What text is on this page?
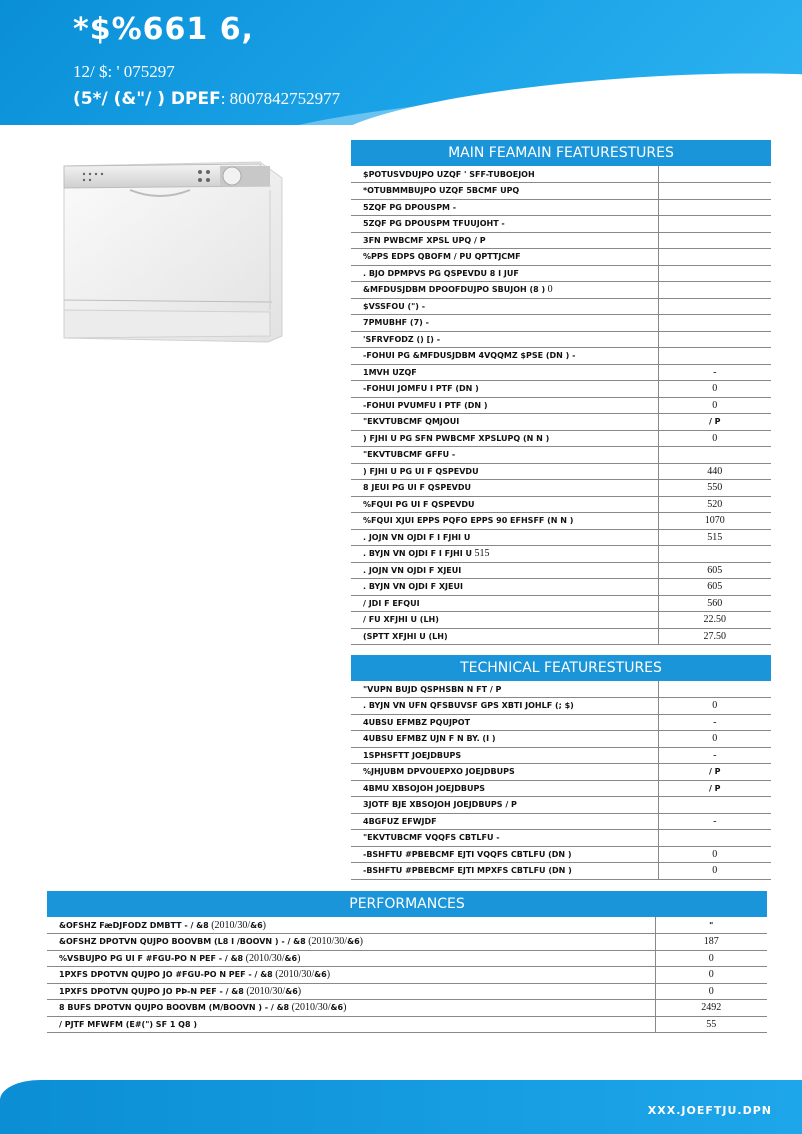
*$%661 6,
12/ $: ' 075297
(5*/ (&"/ ) DPEF: 8007842752977
MAIN FEAMAIN FEATURESTURES
$POTUSVDUJPO UZQF ' SFF-TUBOEJOH	
*OTUBMMBUJPO UZQF 5BCMF UPQ	
5ZQF PG DPOUSPM -	
5ZQF PG DPOUSPM TFUUJOHT -	
3FN PWBCMF XPSL UPQ / P	
%PPS EDPS QBOFM / PU QPTTJCMF	
. BJO DPMPVS PG QSPEVDU 8 I JUF	
&MFDUSJDBM DPOOFDUJPO SBUJOH (8 ) 0	
$VSSFOU (") -	
7PMUBHF (7) -	
'SFRVFODZ () [) -	
-FOHUI PG &MFDUSJDBM 4VQQMZ $PSE (DN ) -	
1MVH UZQF	-
-FOHUI JOMFU I PTF (DN )	0
-FOHUI PVUMFU I PTF (DN )	0
"EKVTUBCMF QMJOUI	/ P
) FJHI U PG SFN PWBCMF XPSLUPQ (N N )	0
"EKVTUBCMF GFFU -	
) FJHI U PG UI F QSPEVDU	440
8 JEUI PG UI F QSPEVDU	550
%FQUI PG UI F QSPEVDU	520
%FQUI XJUI EPPS PQFO EPPS 90 EFHSFF (N N )	1070
. JOJN VN OJDI F I FJHI U	515
. BYJN VN OJDI F I FJHI U 515	
. JOJN VN OJDI F XJEUI	605
. BYJN VN OJDI F XJEUI	605
/ JDI F EFQUI	560
/ FU XFJHI U (LH)	22.50
(SPTT XFJHI U (LH)	27.50
TECHNICAL FEATURESTURES
"VUPN BUJD QSPHSBN N FT / P	
. BYJN VN UFN QFSBUVSF GPS XBTI JOHLF (; $)	0
4UBSU EFMBZ PQUJPOT	-
4UBSU EFMBZ UJN F N BY. (I )	0
1SPHSFTT JOEJDBUPS	-
%JHJUBM DPVOUEPXO JOEJDBUPS	/ P
4BMU XBSOJOH JOEJDBUPS	/ P
3JOTF BJE XBSOJOH JOEJDBUPS / P	
4BGFUZ EFWJDF	-
"EKVTUBCMF VQQFS CBTLFU -	
-BSHFTU #PBEBCMF EJTI VQQFS CBTLFU (DN )	0
-BSHFTU #PBEBCMF EJTI MPXFS CBTLFU (DN )	0
PERFORMANCES
&OFSHZ FæDJFODZ DMBTT - / &8 (2010/30/&6)	"
&OFSHZ DPOTVN QUJPO BOOVBM (L8 I /BOOVN ) - / &8 (2010/30/&6)	187
%VSBUJPO PG UI F #FGU-PO N PEF - / &8 (2010/30/&6)	0
1PXFS DPOTVN QUJPO JO #FGU-PO N PEF - / &8 (2010/30/&6)	0
1PXFS DPOTVN QUJPO JO PÞ-N PEF - / &8 (2010/30/&6)	0
8 BUFS DPOTVN QUJPO BOOVBM (M/BOOVN ) - / &8 (2010/30/&6)	2492
/ PJTF MFWFM (E#(") SF 1 Q8 )	55
XXX.JOEFTJU.DPN
